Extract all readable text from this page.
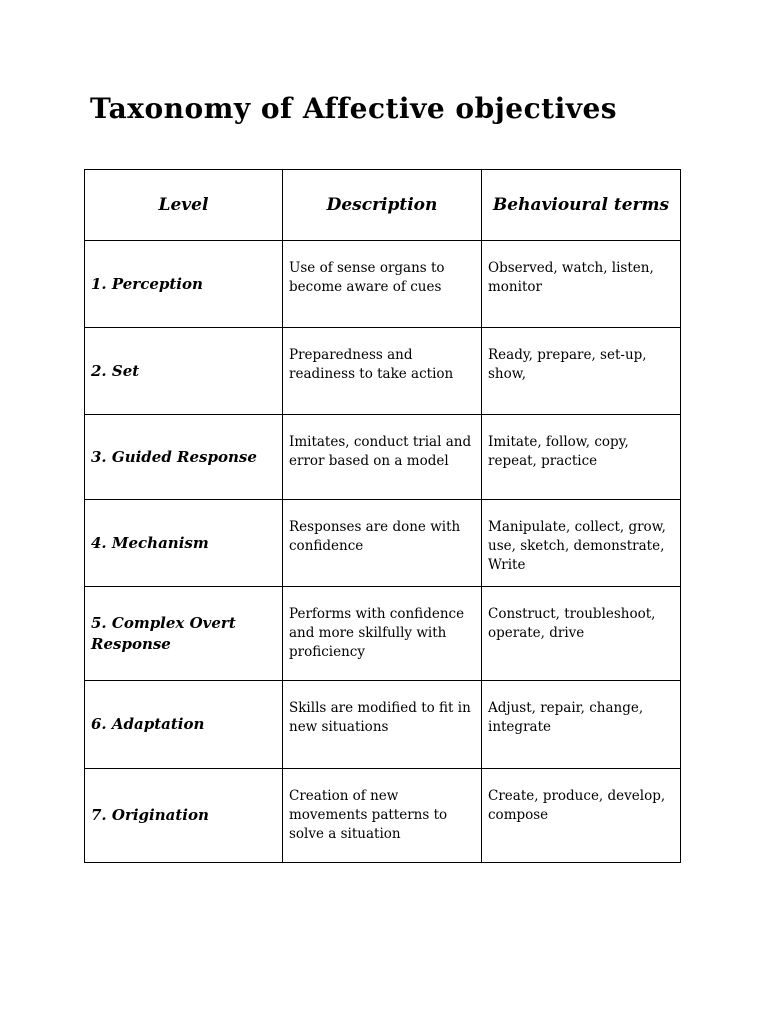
Taxonomy of Affective objectives
Level	Description	Behavioural terms
1. Perception	Use of sense organs to become aware of cues	Observed, watch, listen, monitor
2. Set	Preparedness and readiness to take action	Ready, prepare, set-up, show,
3. Guided Response	Imitates, conduct trial and error based on a model	Imitate, follow, copy, repeat, practice
4. Mechanism	Responses are done with confidence	Manipulate, collect, grow, use, sketch, demonstrate, Write
5. Complex Overt Response	Performs with confidence and more skilfully with proficiency	Construct, troubleshoot, operate, drive
6. Adaptation	Skills are modified to fit in new situations	Adjust, repair, change, integrate
7. Origination	Creation of new movements patterns to solve a situation	Create, produce, develop, compose
